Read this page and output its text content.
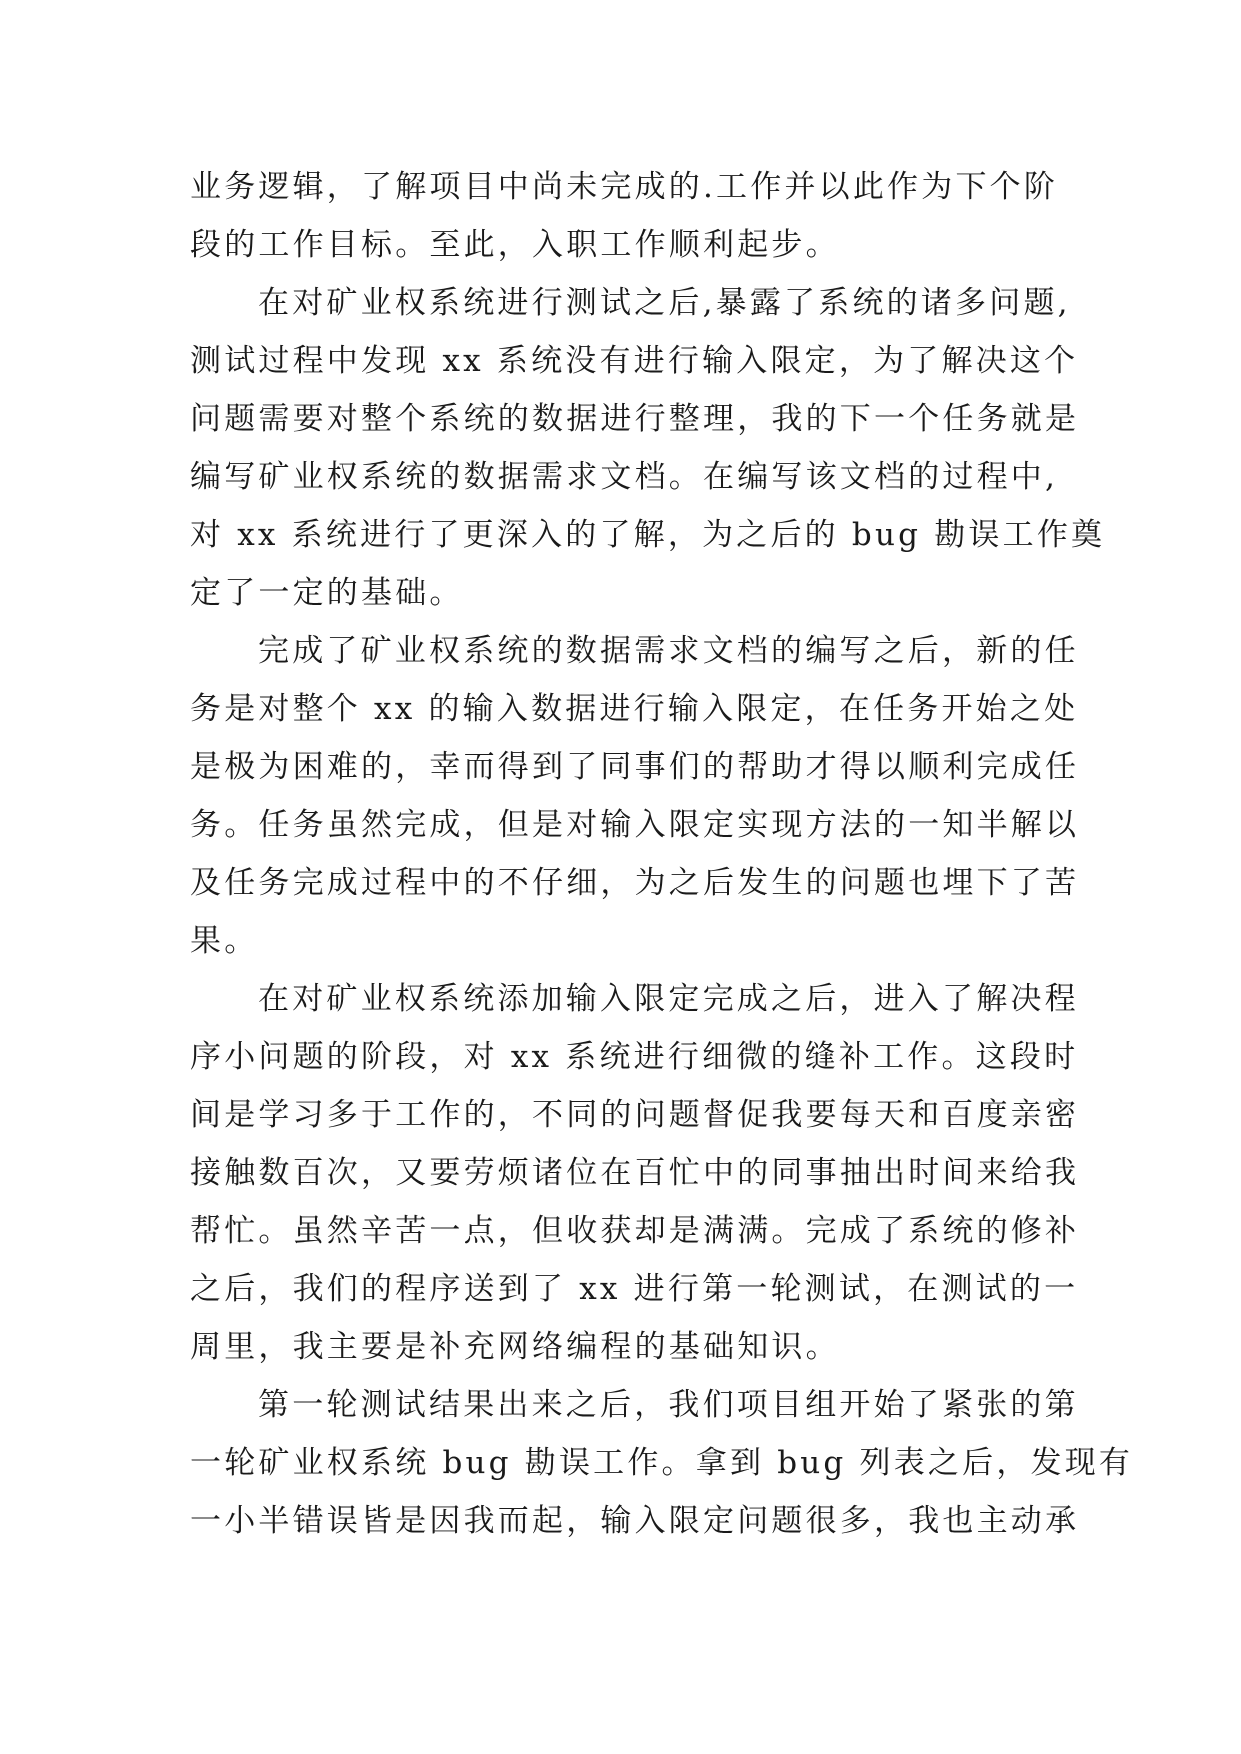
业务逻辑，了解项目中尚未完成的.工作并以此作为下个阶
段的工作目标。至此，入职工作顺利起步。
在对矿业权系统进行测试之后,暴露了系统的诸多问题,
测试过程中发现 xx 系统没有进行输入限定，为了解决这个
问题需要对整个系统的数据进行整理，我的下一个任务就是
编写矿业权系统的数据需求文档。在编写该文档的过程中,
对 xx 系统进行了更深入的了解，为之后的 bug 勘误工作奠
定了一定的基础。
完成了矿业权系统的数据需求文档的编写之后，新的任
务是对整个 xx 的输入数据进行输入限定，在任务开始之处
是极为困难的，幸而得到了同事们的帮助才得以顺利完成任
务。任务虽然完成，但是对输入限定实现方法的一知半解以
及任务完成过程中的不仔细，为之后发生的问题也埋下了苦
果。
在对矿业权系统添加输入限定完成之后，进入了解决程
序小问题的阶段，对 xx 系统进行细微的缝补工作。这段时
间是学习多于工作的，不同的问题督促我要每天和百度亲密
接触数百次，又要劳烦诸位在百忙中的同事抽出时间来给我
帮忙。虽然辛苦一点，但收获却是满满。完成了系统的修补
之后，我们的程序送到了 xx 进行第一轮测试，在测试的一
周里，我主要是补充网络编程的基础知识。
第一轮测试结果出来之后，我们项目组开始了紧张的第
一轮矿业权系统 bug 勘误工作。拿到 bug 列表之后，发现有
一小半错误皆是因我而起，输入限定问题很多，我也主动承
